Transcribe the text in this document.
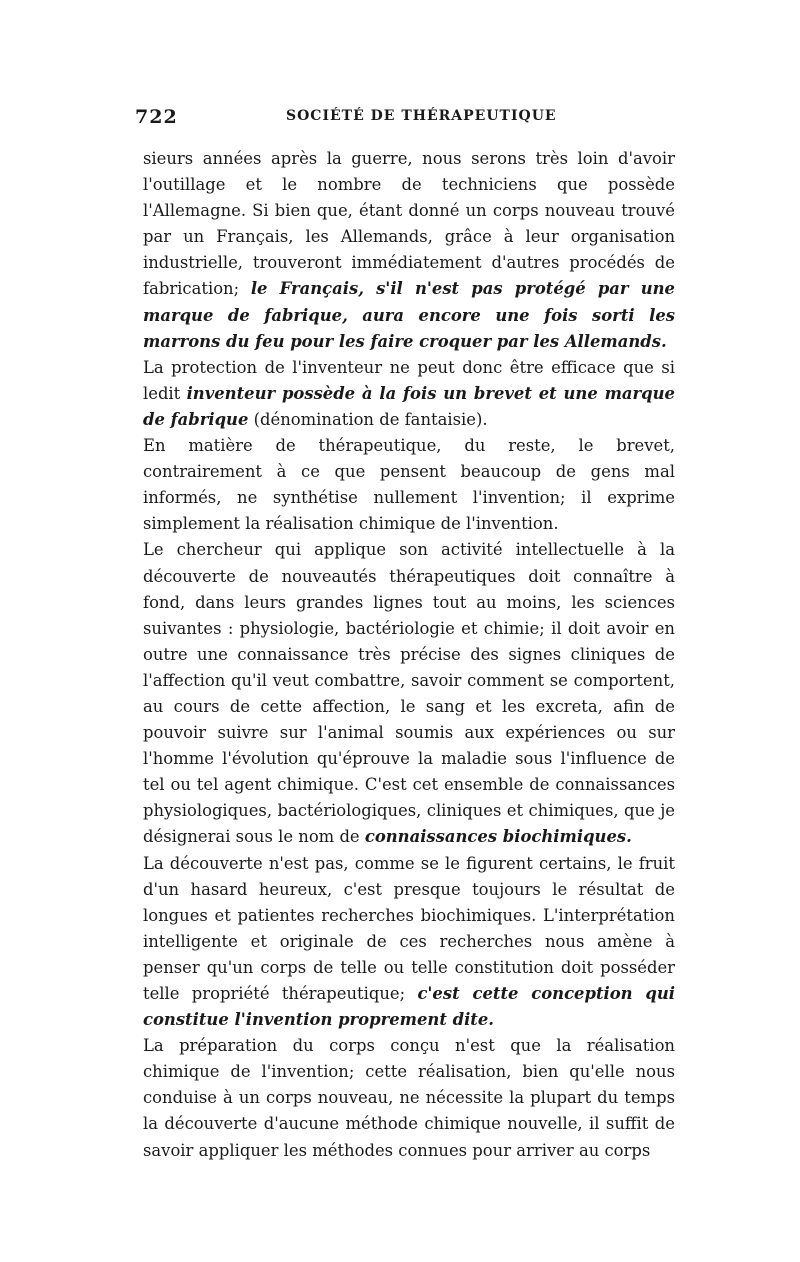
722	SOCIÉTÉ DE THÉRAPEUTIQUE

sieurs années après la guerre, nous serons très loin d'avoir l'outillage et le nombre de techniciens que possède l'Allemagne. Si bien que, étant donné un corps nouveau trouvé par un Français, les Allemands, grâce à leur organisation industrielle, trouveront immédiatement d'autres procédés de fabrication; le Français, s'il n'est pas protégé par une marque de fabrique, aura encore une fois sorti les marrons du feu pour les faire croquer par les Allemands.

La protection de l'inventeur ne peut donc être efficace que si ledit inventeur possède à la fois un brevet et une marque de fabrique (dénomination de fantaisie).

En matière de thérapeutique, du reste, le brevet, contrairement à ce que pensent beaucoup de gens mal informés, ne synthétise nullement l'invention; il exprime simplement la réalisation chimique de l'invention.

Le chercheur qui applique son activité intellectuelle à la découverte de nouveautés thérapeutiques doit connaître à fond, dans leurs grandes lignes tout au moins, les sciences suivantes : physiologie, bactériologie et chimie; il doit avoir en outre une connaissance très précise des signes cliniques de l'affection qu'il veut combattre, savoir comment se comportent, au cours de cette affection, le sang et les excreta, afin de pouvoir suivre sur l'animal soumis aux expériences ou sur l'homme l'évolution qu'éprouve la maladie sous l'influence de tel ou tel agent chimique. C'est cet ensemble de connaissances physiologiques, bactériologiques, cliniques et chimiques, que je désignerai sous le nom de connaissances biochimiques.

La découverte n'est pas, comme se le figurent certains, le fruit d'un hasard heureux, c'est presque toujours le résultat de longues et patientes recherches biochimiques. L'interprétation intelligente et originale de ces recherches nous amène à penser qu'un corps de telle ou telle constitution doit posséder telle propriété thérapeutique; c'est cette conception qui constitue l'invention proprement dite.

La préparation du corps conçu n'est que la réalisation chimique de l'invention; cette réalisation, bien qu'elle nous conduise à un corps nouveau, ne nécessite la plupart du temps la découverte d'aucune méthode chimique nouvelle, il suffit de savoir appliquer les méthodes connues pour arriver au corps
